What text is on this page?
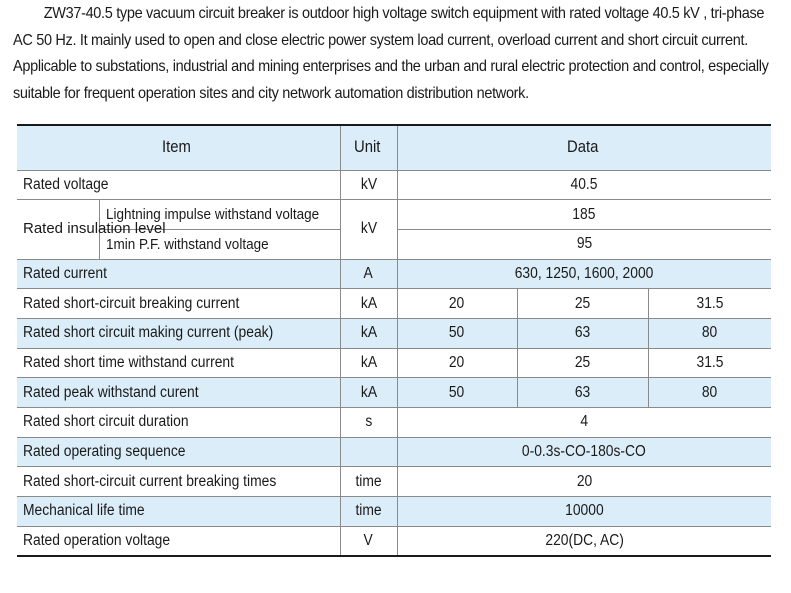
ZW37-40.5 type vacuum circuit breaker is outdoor high voltage switch equipment with rated voltage 40.5 kV , tri-phase AC 50 Hz. It mainly used to open and close electric power system load current, overload current and short circuit current. Applicable to substations, industrial and mining enterprises and the urban and rural electric protection and control, especially suitable for frequent operation sites and city network automation distribution network.

Item		Unit	Data		
Rated voltage		kV	40.5		
Rated insulation level	Lightning impulse withstand voltage	kV	185		
	1min P.F. withstand voltage		95		
Rated current		A	630, 1250, 1600, 2000		
Rated short-circuit breaking current		kA	20	25	31.5
Rated short circuit making current (peak)		kA	50	63	80
Rated short time withstand current		kA	20	25	31.5
Rated peak withstand curent		kA	50	63	80
Rated short circuit duration		s	4		
Rated operating sequence			0-0.3s-CO-180s-CO		
Rated short-circuit current breaking times		time	20		
Mechanical life time		time	10000		
Rated operation voltage		V	220(DC, AC)		
